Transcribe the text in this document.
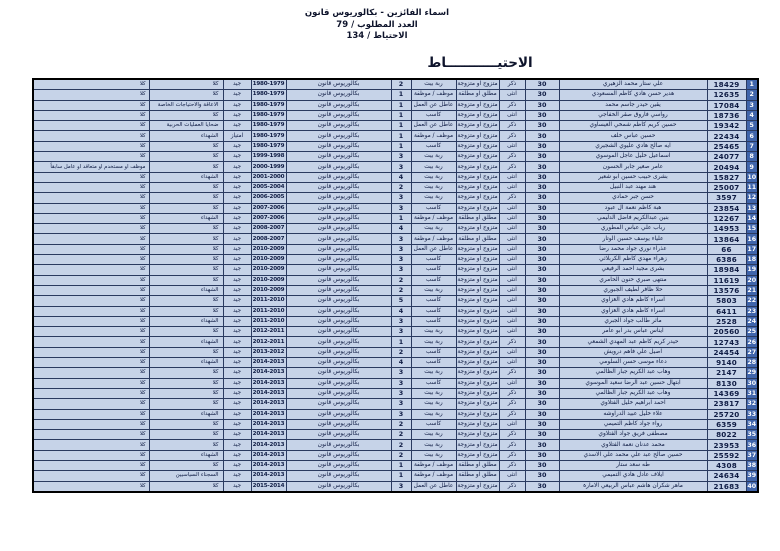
اسماء الفائزين - بكالوريوس قانون
العدد المطلوب / 79
الاحتياط / 134
الاحتيـــــــــــاط
1	18429	علي ستار محمد الزهيري	30	ذكر	متزوج او متزوجة	ربة بيت	2	بكالوريوس قانون	1980-1979	جيد	كلا	كلا
2	12635	هدير حسن هادي كاظم المسعودي	30	انثى	مطلق او مطلقة	موظف / موظفة	1	بكالوريوس قانون	1980-1979	جيد	كلا	كلا
3	17084	يقين حيدر جاسم محمد	30	ذكر	متزوج او متزوجة	عاطل عن العمل	1	بكالوريوس قانون	1980-1979	جيد	الاعاقة والاحتياجات الخاصة	كلا
4	18736	رواسي فاروق صقر الخفاجي	30	انثى	متزوج او متزوجة	كاسب	1	بكالوريوس قانون	1980-1979	جيد	كلا	كلا
5	19342	حسين كريم كاظم شمخي العيساوي	30	ذكر	متزوج او متزوجة	عاطل عن العمل	1	بكالوريوس قانون	1980-1979	جيد	ضحايا العمليات الحربية	كلا
6	22434	حسين عباس خلف	30	ذكر	متزوج او متزوجة	موظف / موظفة	1	بكالوريوس قانون	1980-1979	امتياز	الشهداء	كلا
7	25465	ايه صالح هادي عليوي الشجيري	30	انثى	متزوج او متزوجة	كاسب	1	بكالوريوس قانون	1980-1979	جيد	كلا	كلا
8	24077	اسماعيل خليل عاجل الموسوي	30	ذكر	متزوج او متزوجة	ربة بيت	3	بكالوريوس قانون	1999-1998	جيد	كلا	كلا
9	20494	عامر صغير جابر الحسون	30	ذكر	متزوج او متزوجة	ربة بيت	3	بكالوريوس قانون	2000-1999	جيد	كلا	موظف او مستخدم او متعاقد او عامل سابقاً
10	15827	بشرى حبيب حسين ابو شعير	30	انثى	متزوج او متزوجة	ربة بيت	4	بكالوريوس قانون	2001-2000	جيد	الشهداء	كلا
11	25007	هند مهند عبد النبيل	30	انثى	متزوج او متزوجة	ربة بيت	2	بكالوريوس قانون	2005-2004	جيد	كلا	كلا
12	3597	حسن جبر حمادي	30	ذكر	متزوج او متزوجة	ربة بيت	3	بكالوريوس قانون	2006-2005	جيد	كلا	كلا
13	23854	هبة كاظم نعمة ال عبود	30	انثى	متزوج او متزوجة	كاسب	3	بكالوريوس قانون	2007-2006	جيد	كلا	كلا
14	12267	بنين عبدالكريم فاضل الدليمي	30	انثى	مطلق او مطلقة	موظف / موظفة	1	بكالوريوس قانون	2007-2006	جيد	الشهداء	كلا
15	14953	رباب علي عباس المطوري	30	انثى	متزوج او متزوجة	ربة بيت	4	بكالوريوس قانون	2008-2007	جيد	كلا	كلا
16	13864	علياء يوسف حسين الوتار	30	انثى	مطلق او مطلقة	موظف / موظفة	3	بكالوريوس قانون	2008-2007	جيد	كلا	كلا
17	66	عذراء نوري جواد محمد رضا	30	انثى	متزوج او متزوجة	عاطل عن العمل	3	بكالوريوس قانون	2010-2009	جيد	كلا	كلا
18	6386	زهراء مهدي كاظم الكربلائي	30	انثى	متزوج او متزوجة	كاسب	3	بكالوريوس قانون	2010-2009	جيد	كلا	كلا
19	18984	بشرى مجيد احمد الرفيعي	30	انثى	متزوج او متزوجة	كاسب	3	بكالوريوس قانون	2010-2009	جيد	كلا	كلا
20	11619	منتهى صبري حنون الحامري	30	انثى	متزوج او متزوجة	كاسب	2	بكالوريوس قانون	2010-2009	جيد	كلا	كلا
21	13576	حلا ظافر لطيف الجبوري	30	انثى	متزوج او متزوجة	ربة بيت	2	بكالوريوس قانون	2010-2009	جيد	الشهداء	كلا
22	5803	اسراء كاظم هادي الغزاوي	30	انثى	متزوج او متزوجة	كاسب	5	بكالوريوس قانون	2011-2010	جيد	كلا	كلا
23	6411	اسراء كاظم هادي الغزاوي	30	انثى	متزوج او متزوجة	كاسب	4	بكالوريوس قانون	2011-2010	جيد	كلا	كلا
24	2528	مآثر طالب جواد الجبري	30	انثى	متزوج او متزوجة	كاسب	3	بكالوريوس قانون	2011-2010	جيد	الشهداء	كلا
25	20560	ايناس عباس بدر ابو عامر	30	انثى	متزوج او متزوجة	ربة بيت	3	بكالوريوس قانون	2012-2011	جيد	كلا	كلا
26	12743	حيدر كريم كاظم عبد المهدي الشمعي	30	ذكر	متزوج او متزوجة	ربة بيت	1	بكالوريوس قانون	2012-2011	جيد	الشهداء	كلا
27	24454	اصيل علي فاهم درويش	30	انثى	متزوج او متزوجة	كاسب	2	بكالوريوس قانون	2013-2012	جيد	كلا	كلا
28	9140	دعاء موسى حسن السلومي	30	انثى	متزوج او متزوجة	كاسب	4	بكالوريوس قانون	2014-2013	جيد	الشهداء	كلا
29	2147	وهاب عبد الكريم جبار الظالمي	30	ذكر	متزوج او متزوجة	ربة بيت	3	بكالوريوس قانون	2014-2013	جيد	كلا	كلا
30	8130	ابتهال حسين عبد الرضا سعيد الموسوي	30	انثى	متزوج او متزوجة	كاسب	3	بكالوريوس قانون	2014-2013	جيد	كلا	كلا
31	14369	وهاب عبد الكريم جبار الظالمي	30	ذكر	متزوج او متزوجة	ربة بيت	3	بكالوريوس قانون	2014-2013	جيد	كلا	كلا
32	23817	احمد ابراهيم خليل الفتلاوي	30	ذكر	متزوج او متزوجة	ربة بيت	3	بكالوريوس قانون	2014-2013	جيد	كلا	كلا
33	25720	علاء خليل عبيد الدراوشه	30	ذكر	متزوج او متزوجة	ربة بيت	3	بكالوريوس قانون	2014-2013	جيد	الشهداء	كلا
34	6359	رواء جواد كاظم التميمي	30	انثى	متزوج او متزوجة	كاسب	2	بكالوريوس قانون	2014-2013	جيد	كلا	كلا
35	8022	مصطفى فريق جواد الفتلاوي	30	ذكر	متزوج او متزوجة	ربة بيت	2	بكالوريوس قانون	2014-2013	جيد	كلا	كلا
36	23953	محمد عدنان نعمة الفتلاوي	30	ذكر	متزوج او متزوجة	ربة بيت	2	بكالوريوس قانون	2014-2013	جيد	كلا	كلا
37	25592	حسين صالح عبد علي محمد علي الاسدي	30	ذكر	متزوج او متزوجة	ربة بيت	2	بكالوريوس قانون	2014-2013	جيد	الشهداء	كلا
38	4308	طه سعد ستار	30	ذكر	مطلق او مطلقة	موظف / موظفة	1	بكالوريوس قانون	2014-2013	جيد	كلا	كلا
39	24634	ايلاف عادل هادي التميمي	30	انثى	مطلق او مطلقة	موظف / موظفة	1	بكالوريوس قانون	2014-2013	جيد	السجناء السياسيين	كلا
40	21683	ماهر شكران هاشم عباس الربيعي الامارة	30	ذكر	متزوج او متزوجة	عاطل عن العمل	3	بكالوريوس قانون	2015-2014	جيد	كلا	كلا
